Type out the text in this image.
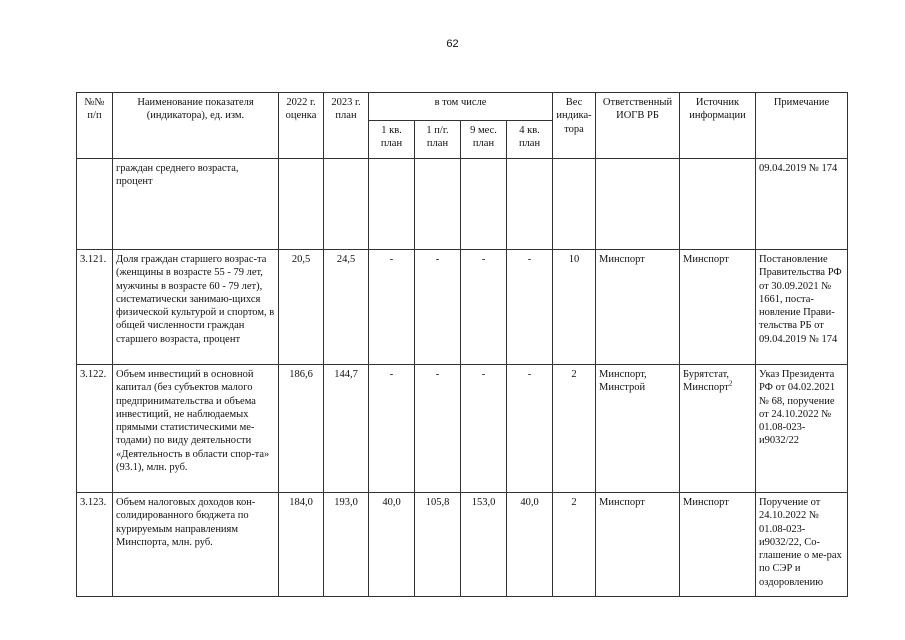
62
№№ п/п	Наименование показателя (индикатора), ед. изм.	2022 г. оценка	2023 г. план	в том числе				Вес индика-тора	Ответственный ИОГВ РБ	Источник информации	Примечание
				1 кв. план	1 п/г. план	9 мес. план	4 кв. план				
	граждан среднего возраста, процент										09.04.2019 № 174
3.121.	Доля граждан старшего возрас-та (женщины в возрасте 55 - 79 лет, мужчины в возрасте 60 - 79 лет), систематически занимаю-щихся физической культурой и спортом, в общей численности граждан старшего возраста, процент	20,5	24,5	-	-	-	-	10	Минспорт	Минспорт	Постановление Правительства РФ от 30.09.2021 № 1661, поста-новление Прави-тельства РБ от 09.04.2019 № 174
3.122.	Объем инвестиций в основной капитал (без субъектов малого предпринимательства и объема инвестиций, не наблюдаемых прямыми статистическими ме-тодами) по виду деятельности «Деятельность в области спор-та» (93.1), млн. руб.	186,6	144,7	-	-	-	-	2	Минспорт, Минстрой	Бурятстат, Минспорт$^2$	Указ Президента РФ от 04.02.2021 № 68, поручение от 24.10.2022 № 01.08-023-и9032/22
3.123.	Объем налоговых доходов кон-солидированного бюджета по курируемым направлениям Минспорта, млн. руб.	184,0	193,0	40,0	105,8	153,0	40,0	2	Минспорт	Минспорт	Поручение от 24.10.2022 № 01.08-023-и9032/22, Со-глашение о ме-рах по СЭР и оздоровлению
